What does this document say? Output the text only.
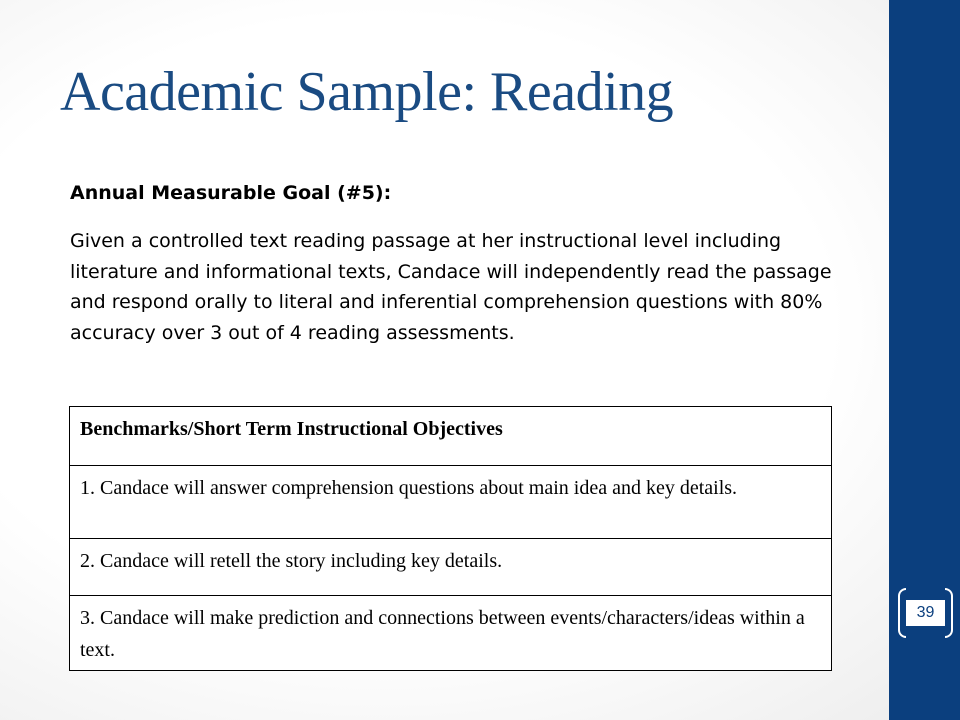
39
Academic Sample: Reading

Annual Measurable Goal (#5):

Given a controlled text reading passage at her instructional level including literature and informational texts, Candace will independently read the passage and respond orally to literal and inferential comprehension questions with 80% accuracy over 3 out of 4 reading assessments.

Benchmarks/Short Term Instructional Objectives
1. Candace will answer comprehension questions about main idea and key details.
2. Candace will retell the story including key details.
3. Candace will make prediction and connections between events/characters/ideas within a text.
